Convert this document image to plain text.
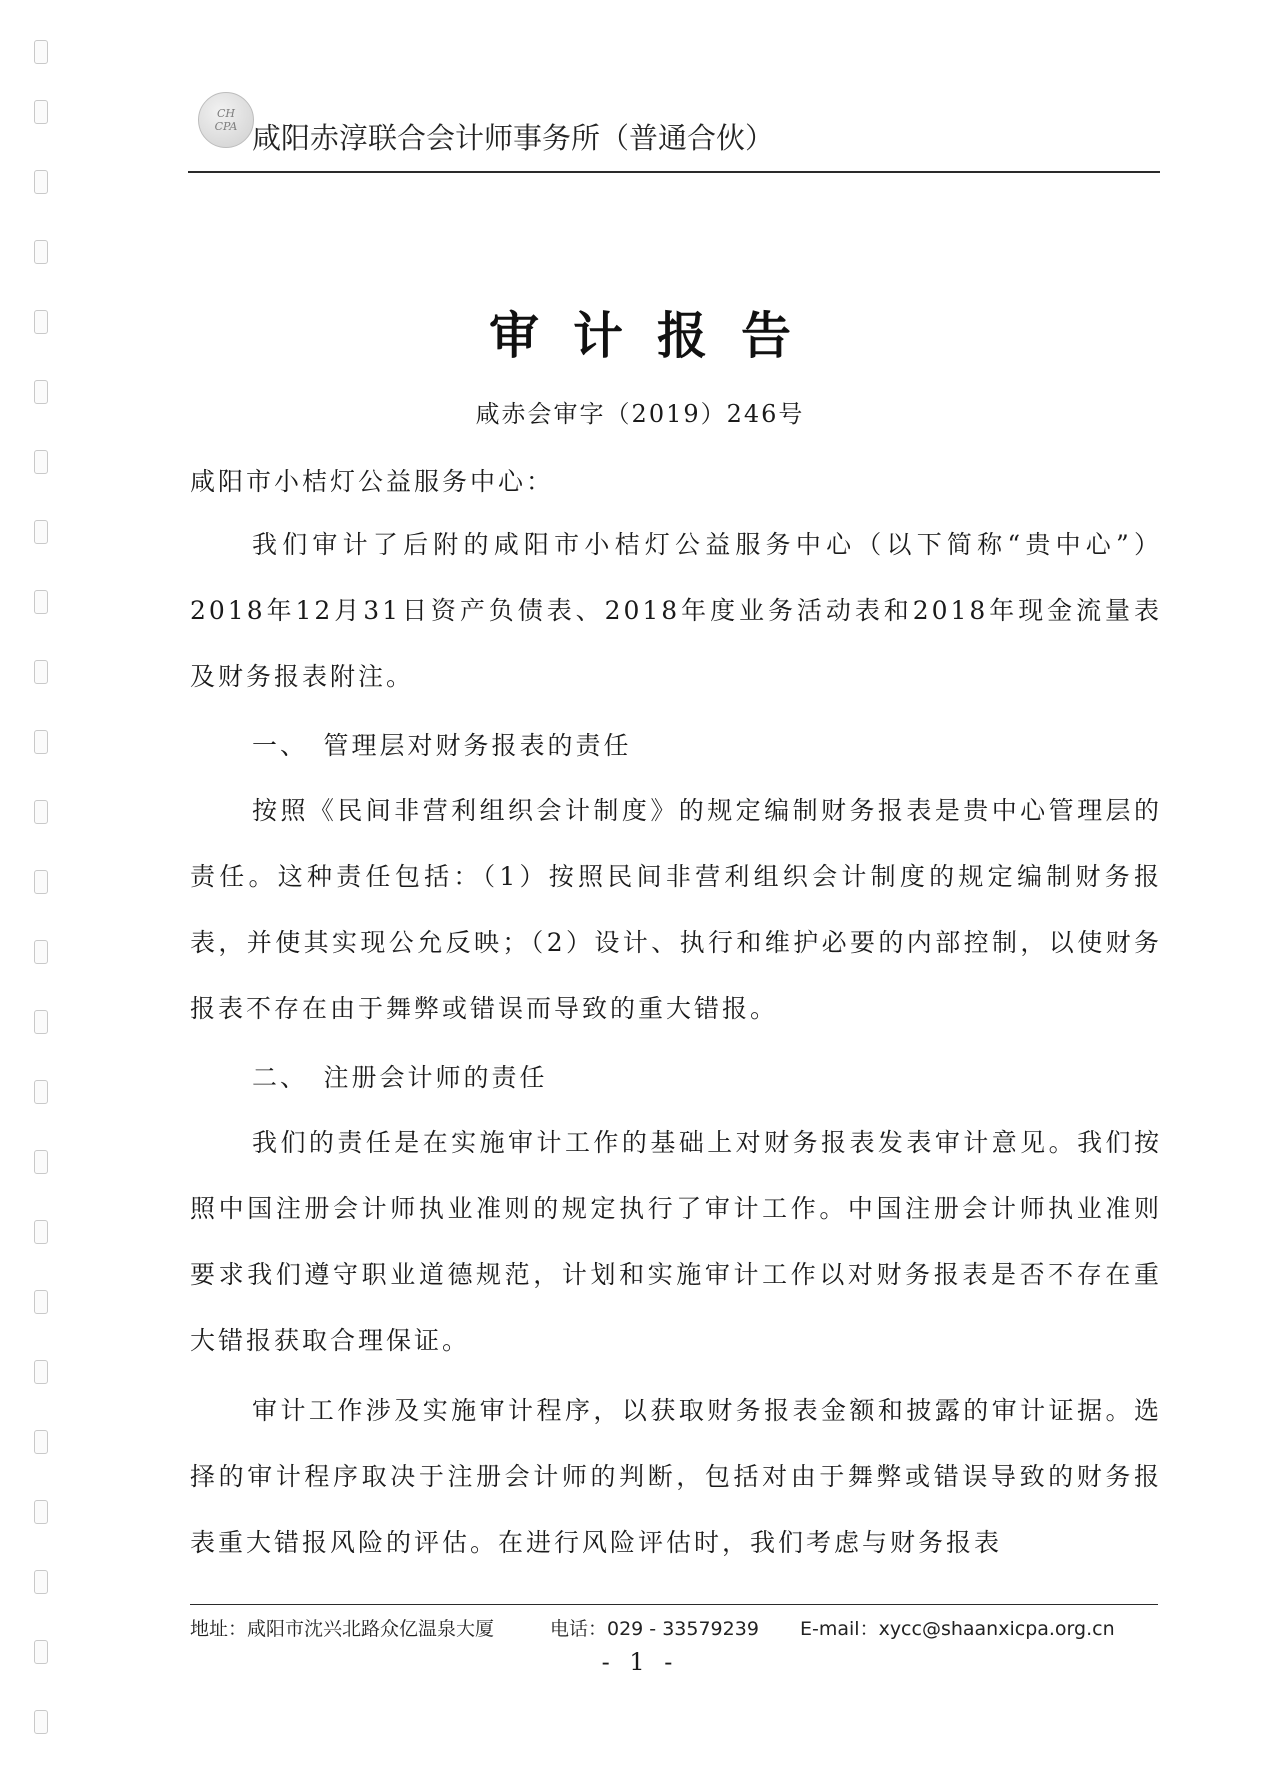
CH
CPA 咸阳赤淳联合会计师事务所（普通合伙）
审计报告
咸赤会审字（2019）246号
咸阳市小桔灯公益服务中心：
我们审计了后附的咸阳市小桔灯公益服务中心（以下简称“贵中心”）2018年12月31日资产负债表、2018年度业务活动表和2018年现金流量表及财务报表附注。
一、　管理层对财务报表的责任
按照《民间非营利组织会计制度》的规定编制财务报表是贵中心管理层的责任。这种责任包括：（1）按照民间非营利组织会计制度的规定编制财务报表，并使其实现公允反映；（2）设计、执行和维护必要的内部控制，以使财务报表不存在由于舞弊或错误而导致的重大错报。
二、　注册会计师的责任
我们的责任是在实施审计工作的基础上对财务报表发表审计意见。我们按照中国注册会计师执业准则的规定执行了审计工作。中国注册会计师执业准则要求我们遵守职业道德规范，计划和实施审计工作以对财务报表是否不存在重大错报获取合理保证。
审计工作涉及实施审计程序，以获取财务报表金额和披露的审计证据。选择的审计程序取决于注册会计师的判断，包括对由于舞弊或错误导致的财务报表重大错报风险的评估。在进行风险评估时，我们考虑与财务报表
地址：咸阳市沈兴北路众亿温泉大厦	电话：029 - 33579239 E-mail：xycc@shaanxicpa.org.cn
- 1 -
